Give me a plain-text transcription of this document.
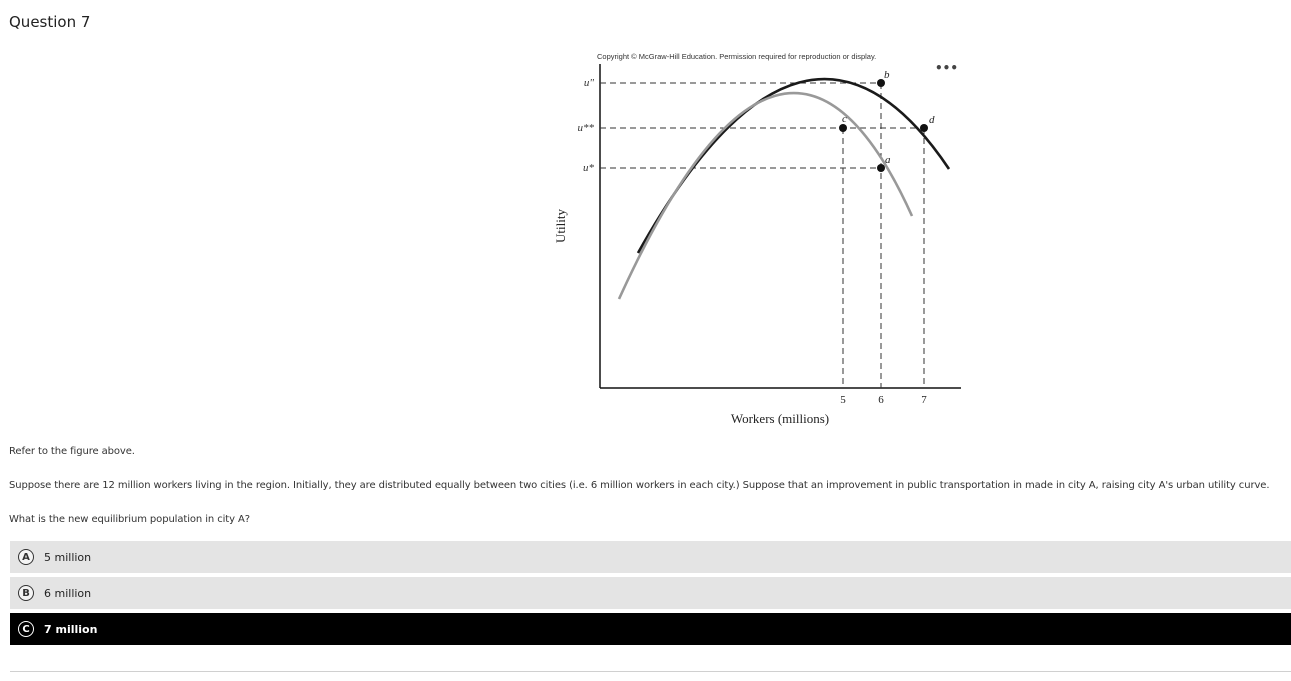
Question 7
Copyright © McGraw-Hill Education. Permission required for reproduction or display.
•••
b
c	d
a
u"
u**
u*
5	6	7
Workers (millions)
Utility
Refer to the figure above.
Suppose there are 12 million workers living in the region. Initially, they are distributed equally between two cities (i.e. 6 million workers in each city.) Suppose that an improvement in public transportation in made in city A, raising city A's urban utility curve.
What is the new equilibrium population in city A?
A	5 million
B	6 million
C	7 million
